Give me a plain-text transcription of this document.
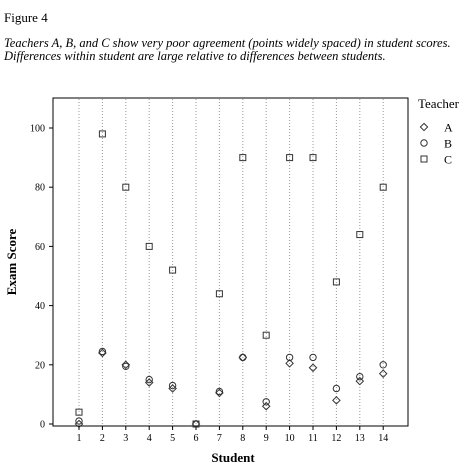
Figure 4
Teachers A, B, and C show very poor agreement (points widely spaced) in student scores. Differences within student are large relative to differences between students.
1 2 3 4 5 6 7 8 9 10 11 12 13 14
0
20
40
60
80
100
Student
Exam Score
Teacher
A
B
C
